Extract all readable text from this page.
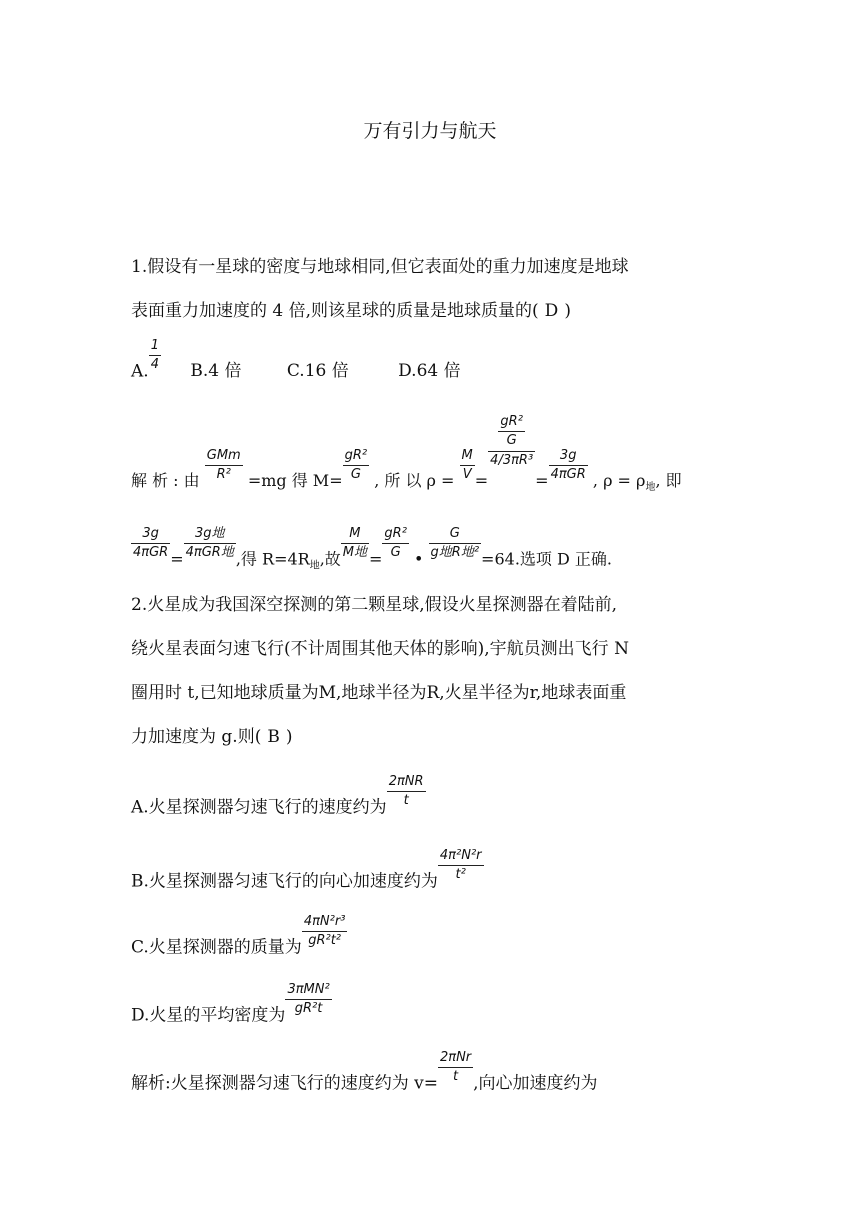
万有引力与航天
1.假设有一星球的密度与地球相同,但它表面处的重力加速度是地球
表面重力加速度的 4 倍,则该星球的质量是地球质量的( D )
A. $\frac{1}{4} B.4$ 倍	C.16 倍	D.64 倍
解 析 : 由 $\frac{\text{GMm}}{\text{R²}} =mg$ 得 $M= \frac{\text{gR²}}{G}$ , 所 以 $\rho = \frac{M}{V}$ =
$\frac{\frac{\text{gR²}}{G}}{\text{4/3πR³}}$
= $\frac{3g}{\text{4πGR}}$ , $\rho = \rho_地$, 即
$\frac{3g}{\text{4πGR}} = \frac{\text{3g地}}{\text{4πGR地}}$ ,得 $R=4R_地$,故 $\frac{M}{\text{M地}} = \frac{\text{gR²}}{G}$ • $\frac{G}{\text{g地R地²}} =64$.选项 D 正确.
2.火星成为我国深空探测的第二颗星球,假设火星探测器在着陆前,
绕火星表面匀速飞行(不计周围其他天体的影响),宇航员测出飞行 N
圈用时 t,已知地球质量为M,地球半径为R,火星半径为r,地球表面重
力加速度为 g.则( B )
A.火星探测器匀速飞行的速度约为 $\frac{\text{2πNR}}{t}$
B.火星探测器匀速飞行的向心加速度约为 $\frac{\text{4π²N²r}}{\text{t²}}$
C.火星探测器的质量为 $\frac{\text{4πN²r³}}{\text{gR²t²}}$
D.火星的平均密度为 $\frac{\text{3πMN²}}{\text{gR²t}}$
解析:火星探测器匀速飞行的速度约为 $v= \frac{\text{2πNr}}{t}$ ,向心加速度约为
